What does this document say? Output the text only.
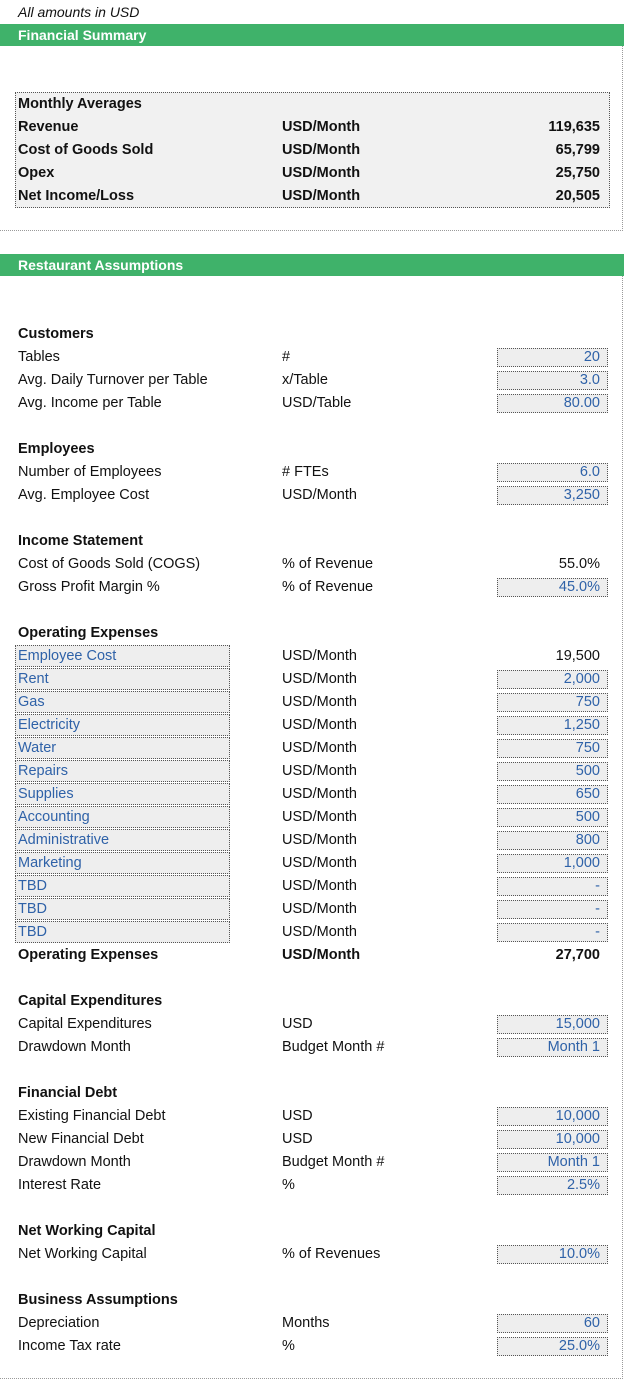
All amounts in USD
Financial Summary
Monthly Averages
Revenue	USD/Month	119,635
Cost of Goods Sold	USD/Month	65,799
Opex	USD/Month	25,750
Net Income/Loss	USD/Month	20,505
Restaurant Assumptions
Customers
Tables	#	20
Avg. Daily Turnover per Table	x/Table	3.0
Avg. Income per Table	USD/Table	80.00
Employees
Number of Employees	# FTEs	6.0
Avg. Employee Cost	USD/Month	3,250
Income Statement
Cost of Goods Sold (COGS)	% of Revenue	55.0%
Gross Profit Margin %	% of Revenue	45.0%
Operating Expenses
Employee Cost	USD/Month	19,500
Rent	USD/Month	2,000
Gas	USD/Month	750
Electricity	USD/Month	1,250
Water	USD/Month	750
Repairs	USD/Month	500
Supplies	USD/Month	650
Accounting	USD/Month	500
Administrative	USD/Month	800
Marketing	USD/Month	1,000
TBD	USD/Month	-
TBD	USD/Month	-
TBD	USD/Month	-
Operating Expenses	USD/Month	27,700
Capital Expenditures
Capital Expenditures	USD	15,000
Drawdown Month	Budget Month #	Month 1
Financial Debt
Existing Financial Debt	USD	10,000
New Financial Debt	USD	10,000
Drawdown Month	Budget Month #	Month 1
Interest Rate	%	2.5%
Net Working Capital
Net Working Capital	% of Revenues	10.0%
Business Assumptions
Depreciation	Months	60
Income Tax rate	%	25.0%
